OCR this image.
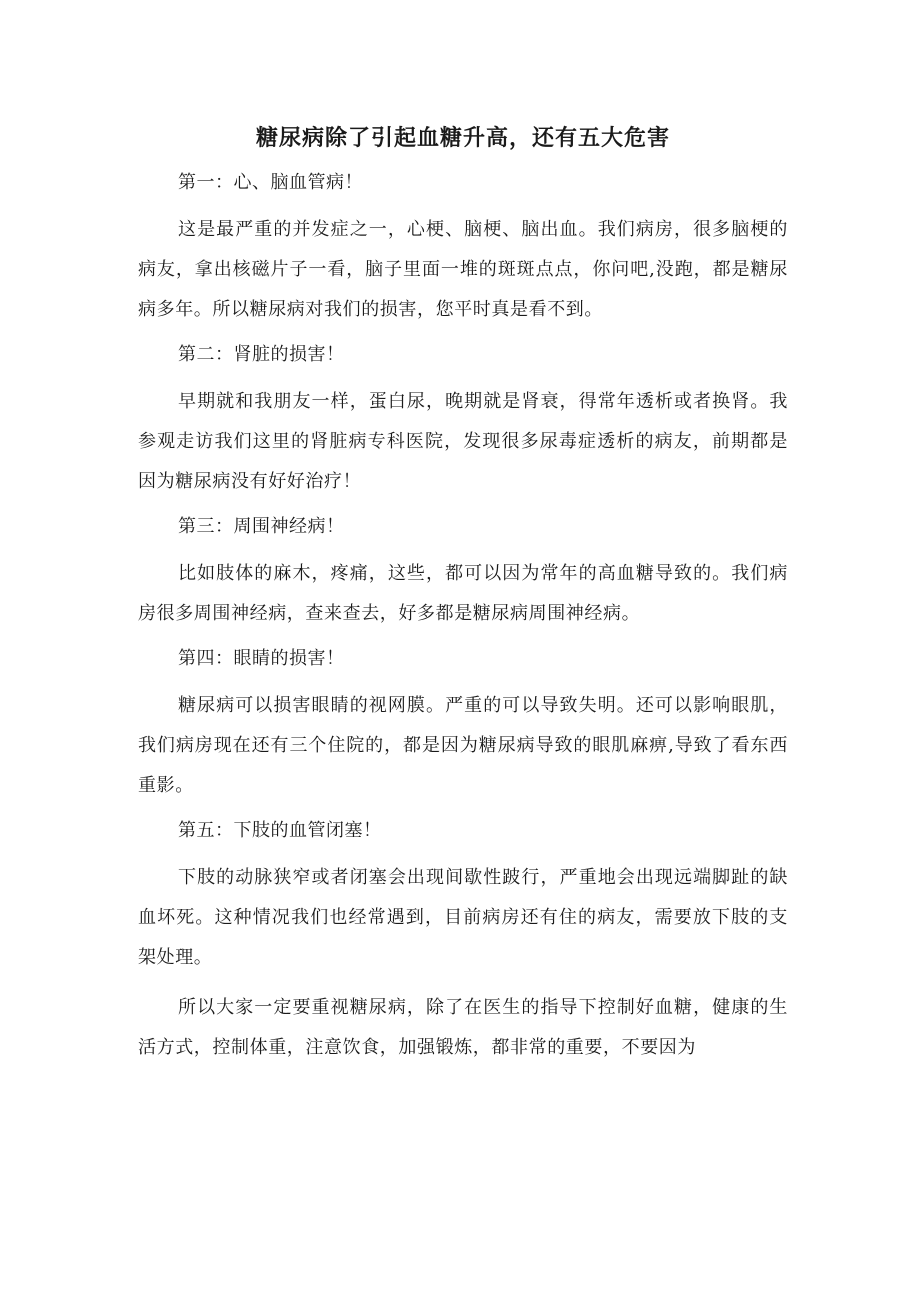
糖尿病除了引起血糖升高，还有五大危害

第一：心、脑血管病！

这是最严重的并发症之一，心梗、脑梗、脑出血。我们病房，很多脑梗的病友，拿出核磁片子一看，脑子里面一堆的斑斑点点，你问吧,没跑，都是糖尿病多年。所以糖尿病对我们的损害，您平时真是看不到。

第二：肾脏的损害！

早期就和我朋友一样，蛋白尿，晚期就是肾衰，得常年透析或者换肾。我参观走访我们这里的肾脏病专科医院，发现很多尿毒症透析的病友，前期都是因为糖尿病没有好好治疗！

第三：周围神经病！

比如肢体的麻木，疼痛，这些，都可以因为常年的高血糖导致的。我们病房很多周围神经病，查来查去，好多都是糖尿病周围神经病。

第四：眼睛的损害！

糖尿病可以损害眼睛的视网膜。严重的可以导致失明。还可以影响眼肌，我们病房现在还有三个住院的，都是因为糖尿病导致的眼肌麻痹,导致了看东西重影。

第五：下肢的血管闭塞！

下肢的动脉狭窄或者闭塞会出现间歇性跛行，严重地会出现远端脚趾的缺血坏死。这种情况我们也经常遇到，目前病房还有住的病友，需要放下肢的支架处理。

所以大家一定要重视糖尿病，除了在医生的指导下控制好血糖，健康的生活方式，控制体重，注意饮食，加强锻炼，都非常的重要，不要因为
